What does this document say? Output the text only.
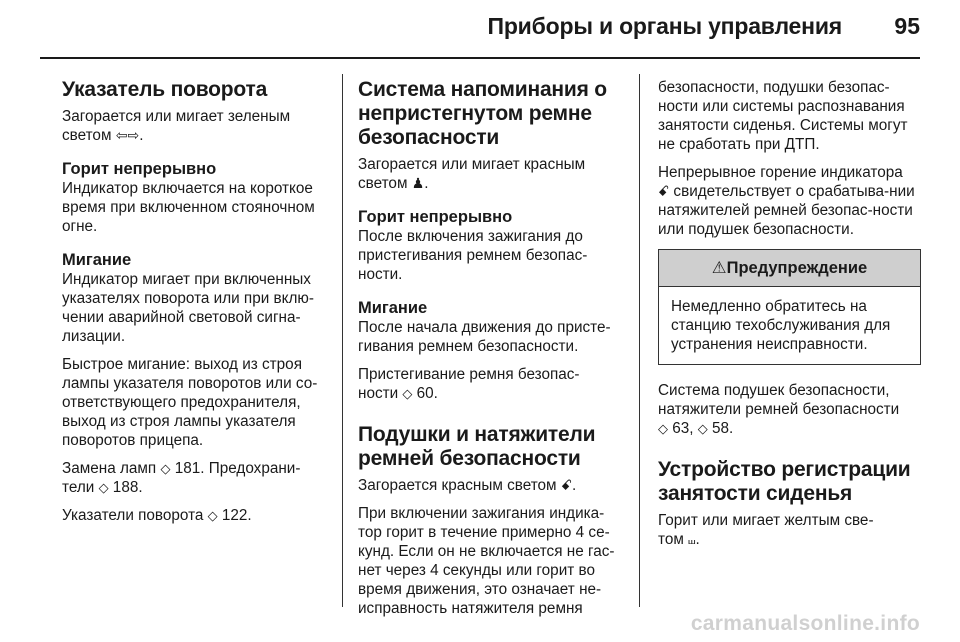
Приборы и органы управления 95
Указатель поворота

Загорается или мигает зеленым
светом ⇦⇨.

Горит непрерывно

Индикатор включается на короткое время при включенном стояночном огне.

Мигание

Индикатор мигает при включенных указателях поворота или при вклю-чении аварийной световой сигна-лизации.

Быстрое мигание: выход из строя лампы указателя поворотов или со-ответствующего предохранителя, выход из строя лампы указателя поворотов прицепа.

Замена ламп ◇ 181. Предохрани-
тели ◇ 188.

Указатели поворота ◇ 122.

Система напоминания о непристегнутом ремне безопасности

Загорается или мигает красным
светом ♟.

Горит непрерывно

После включения зажигания до пристегивания ремнем безопас-ности.

Мигание

После начала движения до присте-гивания ремнем безопасности.

Пристегивание ремня безопас-
ности ◇ 60.

Подушки и натяжители ремней безопасности

Загорается красным светом ꗃ.

При включении зажигания индика-тор горит в течение примерно 4 се-кунд. Если он не включается не гас-нет через 4 секунды или горит во время движения, это означает не-исправность натяжителя ремня

безопасности, подушки безопас-ности или системы распознавания занятости сиденья. Системы могут не сработать при ДТП.

Непрерывное горение индикатора
ꗃ свидетельствует о срабатыва-нии натяжителей ремней безопас-ности или подушек безопасности.

⚠Предупреждение

Немедленно обратитесь на станцию техобслуживания для устранения неисправности.

Система подушек безопасности, натяжители ремней безопасности
◇ 63, ◇ 58.

Устройство регистрации занятости сиденья

Горит или мигает желтым све-
том ⧢.

carmanualsonline.info
